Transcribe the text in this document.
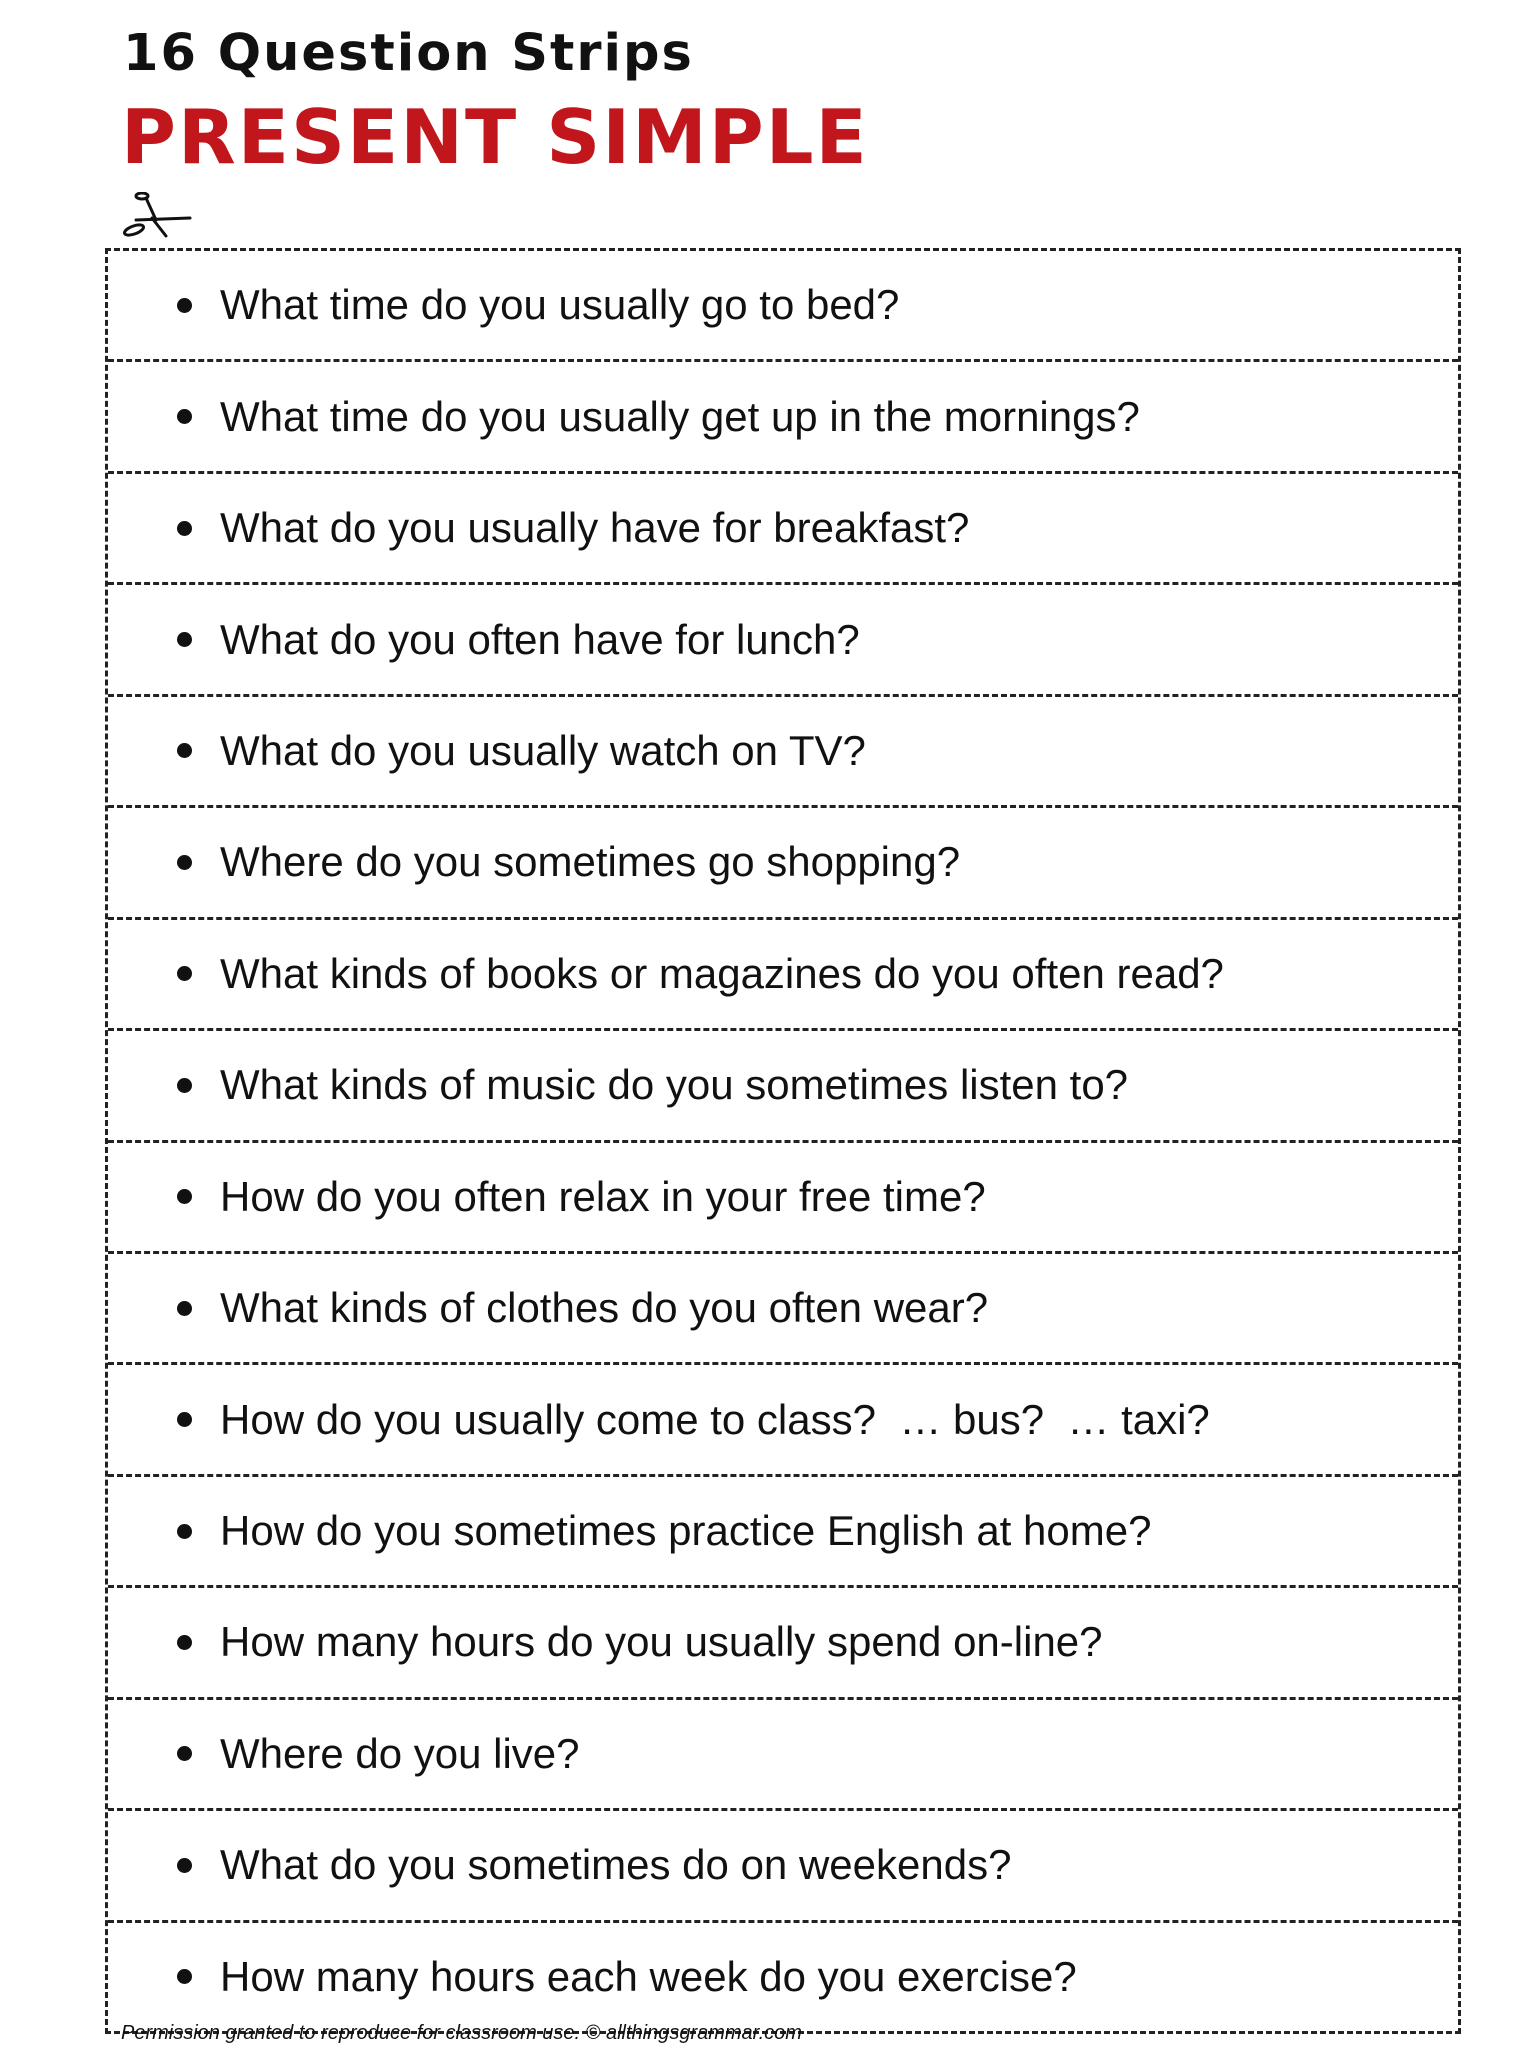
16 Question Strips
PRESENT SIMPLE
What time do you usually go to bed?
What time do you usually get up in the mornings?
What do you usually have for breakfast?
What do you often have for lunch?
What do you usually watch on TV?
Where do you sometimes go shopping?
What kinds of books or magazines do you often read?
What kinds of music do you sometimes listen to?
How do you often relax in your free time?
What kinds of clothes do you often wear?
How do you usually come to class?  … bus?  … taxi?
How do you sometimes practice English at home?
How many hours do you usually spend on-line?
Where do you live?
What do you sometimes do on weekends?
How many hours each week do you exercise?
Permission granted to reproduce for classroom use. © allthingsgrammar.com
